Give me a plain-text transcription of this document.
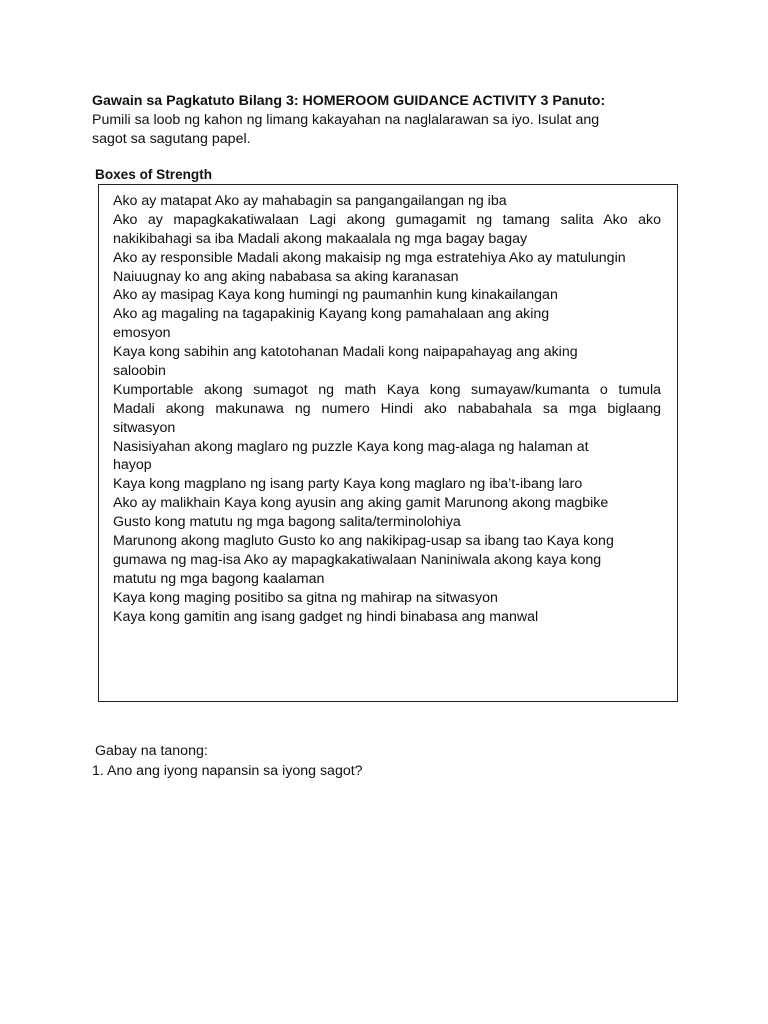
Gawain sa Pagkatuto Bilang 3: HOMEROOM GUIDANCE ACTIVITY 3 Panuto:
Pumili sa loob ng kahon ng limang kakayahan na naglalarawan sa iyo. Isulat ang
sagot sa sagutang papel.
Boxes of Strength
Ako ay matapat Ako ay mahabagin sa pangangailangan ng iba
Ako ay mapagkakatiwalaan Lagi akong gumagamit ng tamang salita Ako ako
nakikibahagi sa iba Madali akong makaalala ng mga bagay bagay
Ako ay responsible Madali akong makaisip ng mga estratehiya Ako ay matulungin
Naiuugnay ko ang aking nababasa sa aking karanasan
Ako ay masipag Kaya kong humingi ng paumanhin kung kinakailangan
Ako ag magaling na tagapakinig Kayang kong pamahalaan ang aking
emosyon
Kaya kong sabihin ang katotohanan Madali kong naipapahayag ang aking
saloobin
Kumportable akong sumagot ng math Kaya kong sumayaw/kumanta o tumula
Madali akong makunawa ng numero Hindi ako nababahala sa mga biglaang
sitwasyon
Nasisiyahan akong maglaro ng puzzle Kaya kong mag-alaga ng halaman at
hayop
Kaya kong magplano ng isang party Kaya kong maglaro ng iba’t-ibang laro
Ako ay malikhain Kaya kong ayusin ang aking gamit Marunong akong magbike
Gusto kong matutu ng mga bagong salita/terminolohiya
Marunong akong magluto Gusto ko ang nakikipag-usap sa ibang tao Kaya kong
gumawa ng mag-isa Ako ay mapagkakatiwalaan Naniniwala akong kaya kong
matutu ng mga bagong kaalaman
Kaya kong maging positibo sa gitna ng mahirap na sitwasyon
Kaya kong gamitin ang isang gadget ng hindi binabasa ang manwal
Gabay na tanong:
1. Ano ang iyong napansin sa iyong sagot?
